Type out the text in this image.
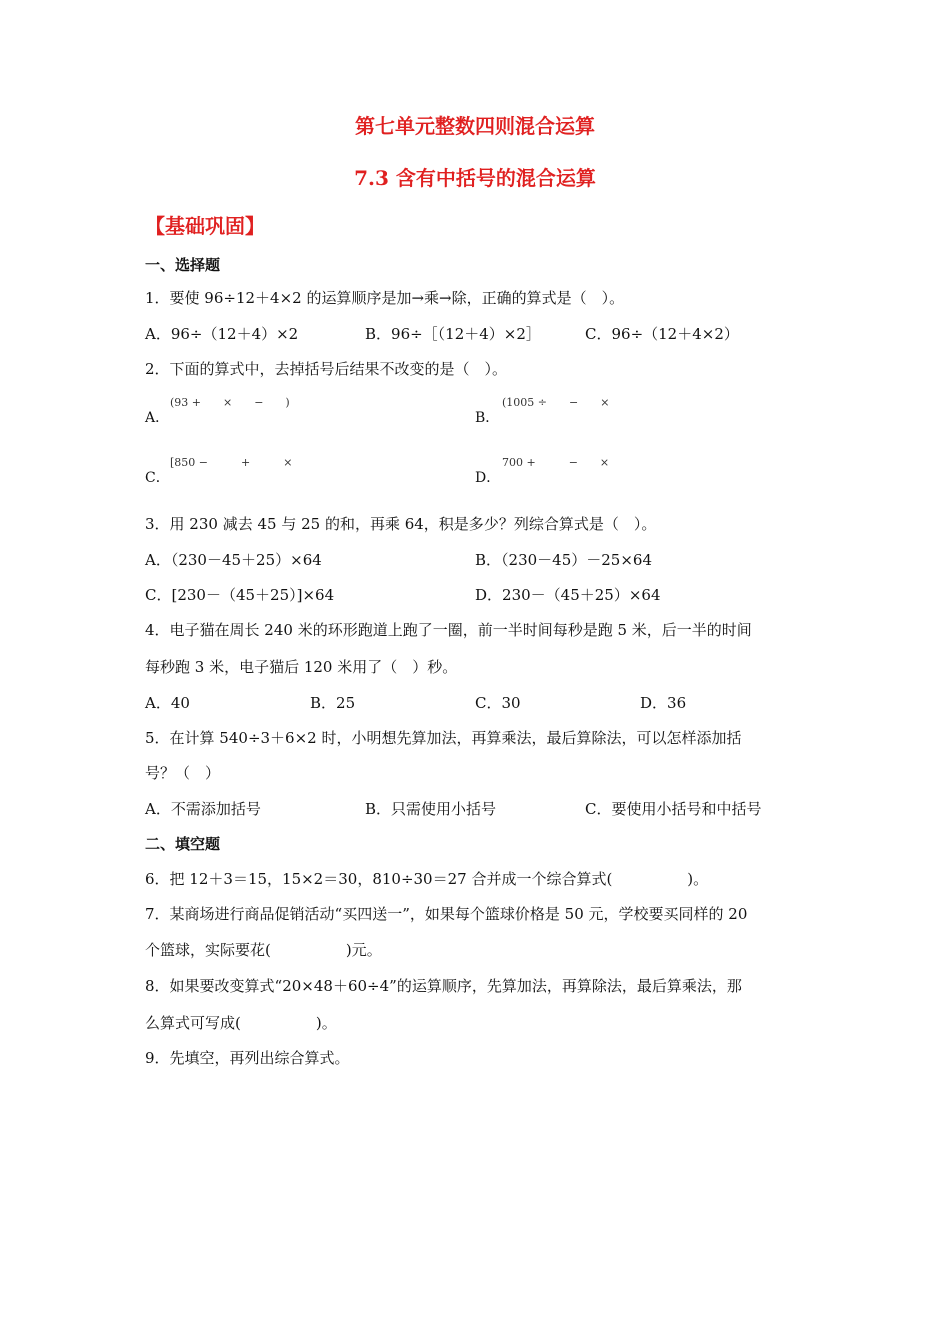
第七单元整数四则混合运算
7.3 含有中括号的混合运算
【基础巩固】
一、选择题
1．要使 96÷12＋4×2 的运算顺序是加→乘→除，正确的算式是（　）。
A．96÷（12＋4）×2	B．96÷［（12＋4）×2］	C．96÷（12＋4×2）
2．下面的算式中，去掉括号后结果不改变的是（　）。
A．
(93 +　　×　　−　　)
B．
(1005 ÷　　−　　×
C．
[850 −　　　+　　　×
D．
700 +　　　−　　×
3．用 230 减去 45 与 25 的和，再乘 64，积是多少？列综合算式是（　）。
A．（230－45＋25）×64	B．（230－45）－25×64
C．[230－（45＋25）]×64	D．230－（45＋25）×64
4．电子猫在周长 240 米的环形跑道上跑了一圈，前一半时间每秒是跑 5 米，后一半的时间
每秒跑 3 米，电子猫后 120 米用了（　）秒。
A．40	B．25	C．30	D．36
5．在计算 540÷3＋6×2 时，小明想先算加法，再算乘法，最后算除法，可以怎样添加括
号？（　）
A．不需添加括号	B．只需使用小括号	C．要使用小括号和中括号
二、填空题
6．把 12＋3＝15，15×2＝30，810÷30＝27 合并成一个综合算式(　　　　　)。
7．某商场进行商品促销活动“买四送一”，如果每个篮球价格是 50 元，学校要买同样的 20
个篮球，实际要花(　　　　　)元。
8．如果要改变算式“20×48＋60÷4”的运算顺序，先算加法，再算除法，最后算乘法，那
么算式可写成(　　　　　)。
9．先填空，再列出综合算式。
